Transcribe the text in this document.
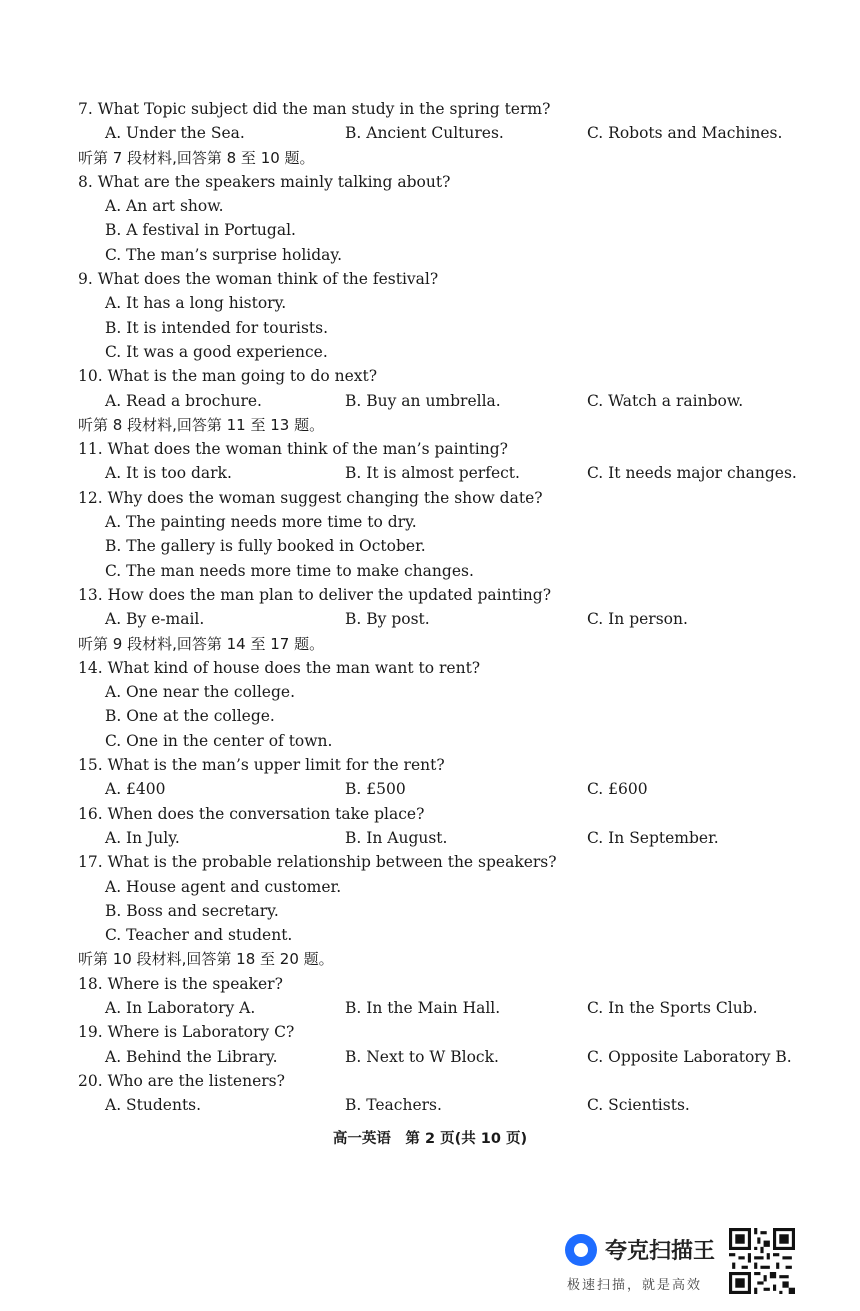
7. What Topic subject did the man study in the spring term?
A. Under the Sea.	B. Ancient Cultures.	C. Robots and Machines.
听第 7 段材料,回答第 8 至 10 题。
8. What are the speakers mainly talking about?
A. An art show.
B. A festival in Portugal.
C. The man’s surprise holiday.
9. What does the woman think of the festival?
A. It has a long history.
B. It is intended for tourists.
C. It was a good experience.
10. What is the man going to do next?
A. Read a brochure.	B. Buy an umbrella.	C. Watch a rainbow.
听第 8 段材料,回答第 11 至 13 题。
11. What does the woman think of the man’s painting?
A. It is too dark.	B. It is almost perfect.	C. It needs major changes.
12. Why does the woman suggest changing the show date?
A. The painting needs more time to dry.
B. The gallery is fully booked in October.
C. The man needs more time to make changes.
13. How does the man plan to deliver the updated painting?
A. By e-mail.	B. By post.	C. In person.
听第 9 段材料,回答第 14 至 17 题。
14. What kind of house does the man want to rent?
A. One near the college.
B. One at the college.
C. One in the center of town.
15. What is the man’s upper limit for the rent?
A. £400	B. £500	C. £600
16. When does the conversation take place?
A. In July.	B. In August.	C. In September.
17. What is the probable relationship between the speakers?
A. House agent and customer.
B. Boss and secretary.
C. Teacher and student.
听第 10 段材料,回答第 18 至 20 题。
18. Where is the speaker?
A. In Laboratory A.	B. In the Main Hall.	C. In the Sports Club.
19. Where is Laboratory C?
A. Behind the Library.	B. Next to W Block.	C. Opposite Laboratory B.
20. Who are the listeners?
A. Students.	B. Teachers.	C. Scientists.
高一英语　第 2 页(共 10 页)
夸克扫描王
极速扫描，就是高效
